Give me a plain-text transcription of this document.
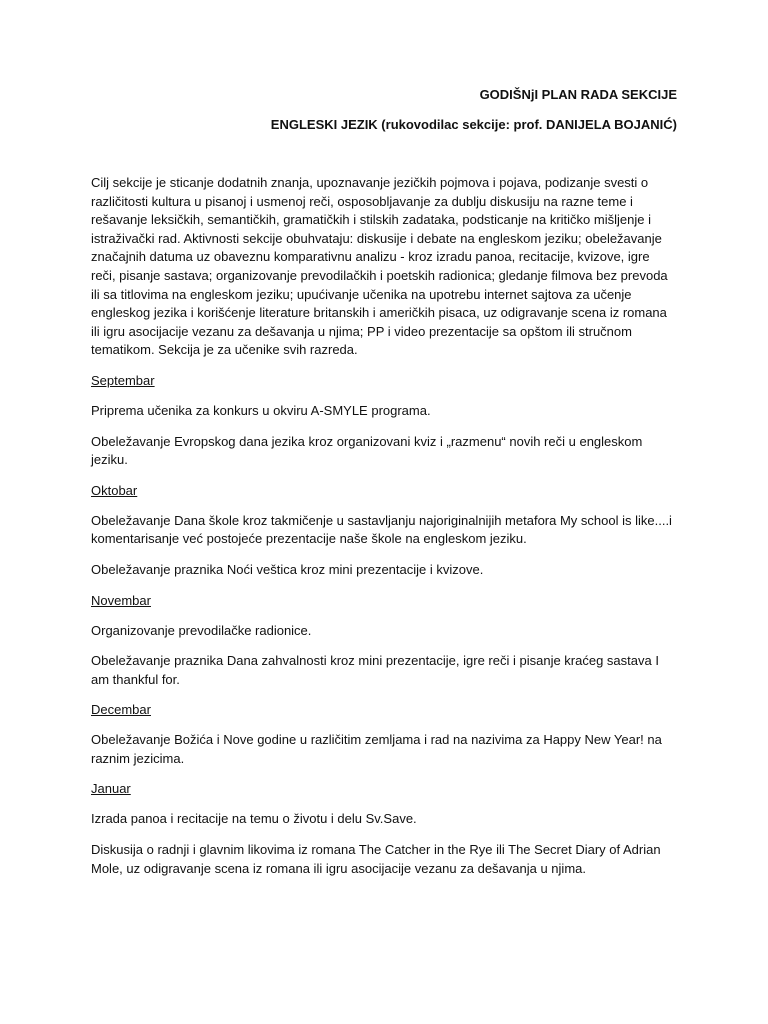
GODIŠNjI PLAN RADA SEKCIJE

ENGLESKI JEZIK (rukovodilac sekcije: prof. DANIJELA BOJANIĆ)

Cilj sekcije je sticanje dodatnih znanja, upoznavanje jezičkih pojmova i pojava, podizanje svesti o različitosti kultura u pisanoj i usmenoj reči, osposobljavanje za dublju diskusiju na razne teme i rešavanje leksičkih, semantičkih, gramatičkih i stilskih zadataka, podsticanje na kritičko mišljenje i istraživački rad. Aktivnosti sekcije obuhvataju: diskusije i debate na engleskom jeziku; obeležavanje značajnih datuma uz obaveznu komparativnu analizu - kroz izradu panoa, recitacije, kvizove, igre reči, pisanje sastava; organizovanje prevodilačkih i poetskih radionica; gledanje filmova bez prevoda ili sa titlovima na engleskom jeziku; upućivanje učenika na upotrebu internet sajtova za učenje engleskog jezika i korišćenje literature britanskih i američkih pisaca, uz odigravanje scena iz romana ili igru asocijacije vezanu za dešavanja u njima; PP i video prezentacije sa opštom ili stručnom tematikom. Sekcija je za učenike svih razreda.

Septembar

Priprema učenika za konkurs u okviru A-SMYLE programa.

Obeležavanje Evropskog dana jezika kroz organizovani kviz i „razmenu“ novih reči u engleskom jeziku.

Oktobar

Obeležavanje Dana škole kroz takmičenje u sastavljanju najoriginalnijih metafora My school is like....i komentarisanje već postojeće prezentacije naše škole na engleskom jeziku.

Obeležavanje praznika Noći veštica kroz mini prezentacije i kvizove.

Novembar

Organizovanje prevodilačke radionice.

Obeležavanje praznika Dana zahvalnosti kroz mini prezentacije, igre reči i pisanje kraćeg sastava I am thankful for.

Decembar

Obeležavanje Božića i Nove godine u različitim zemljama i rad na nazivima za Happy New Year! na raznim jezicima.

Januar

Izrada panoa i recitacije na temu o životu i delu Sv.Save.

Diskusija o radnji i glavnim likovima iz romana The Catcher in the Rye ili The Secret Diary of Adrian Mole, uz odigravanje scena iz romana ili igru asocijacije vezanu za dešavanja u njima.
